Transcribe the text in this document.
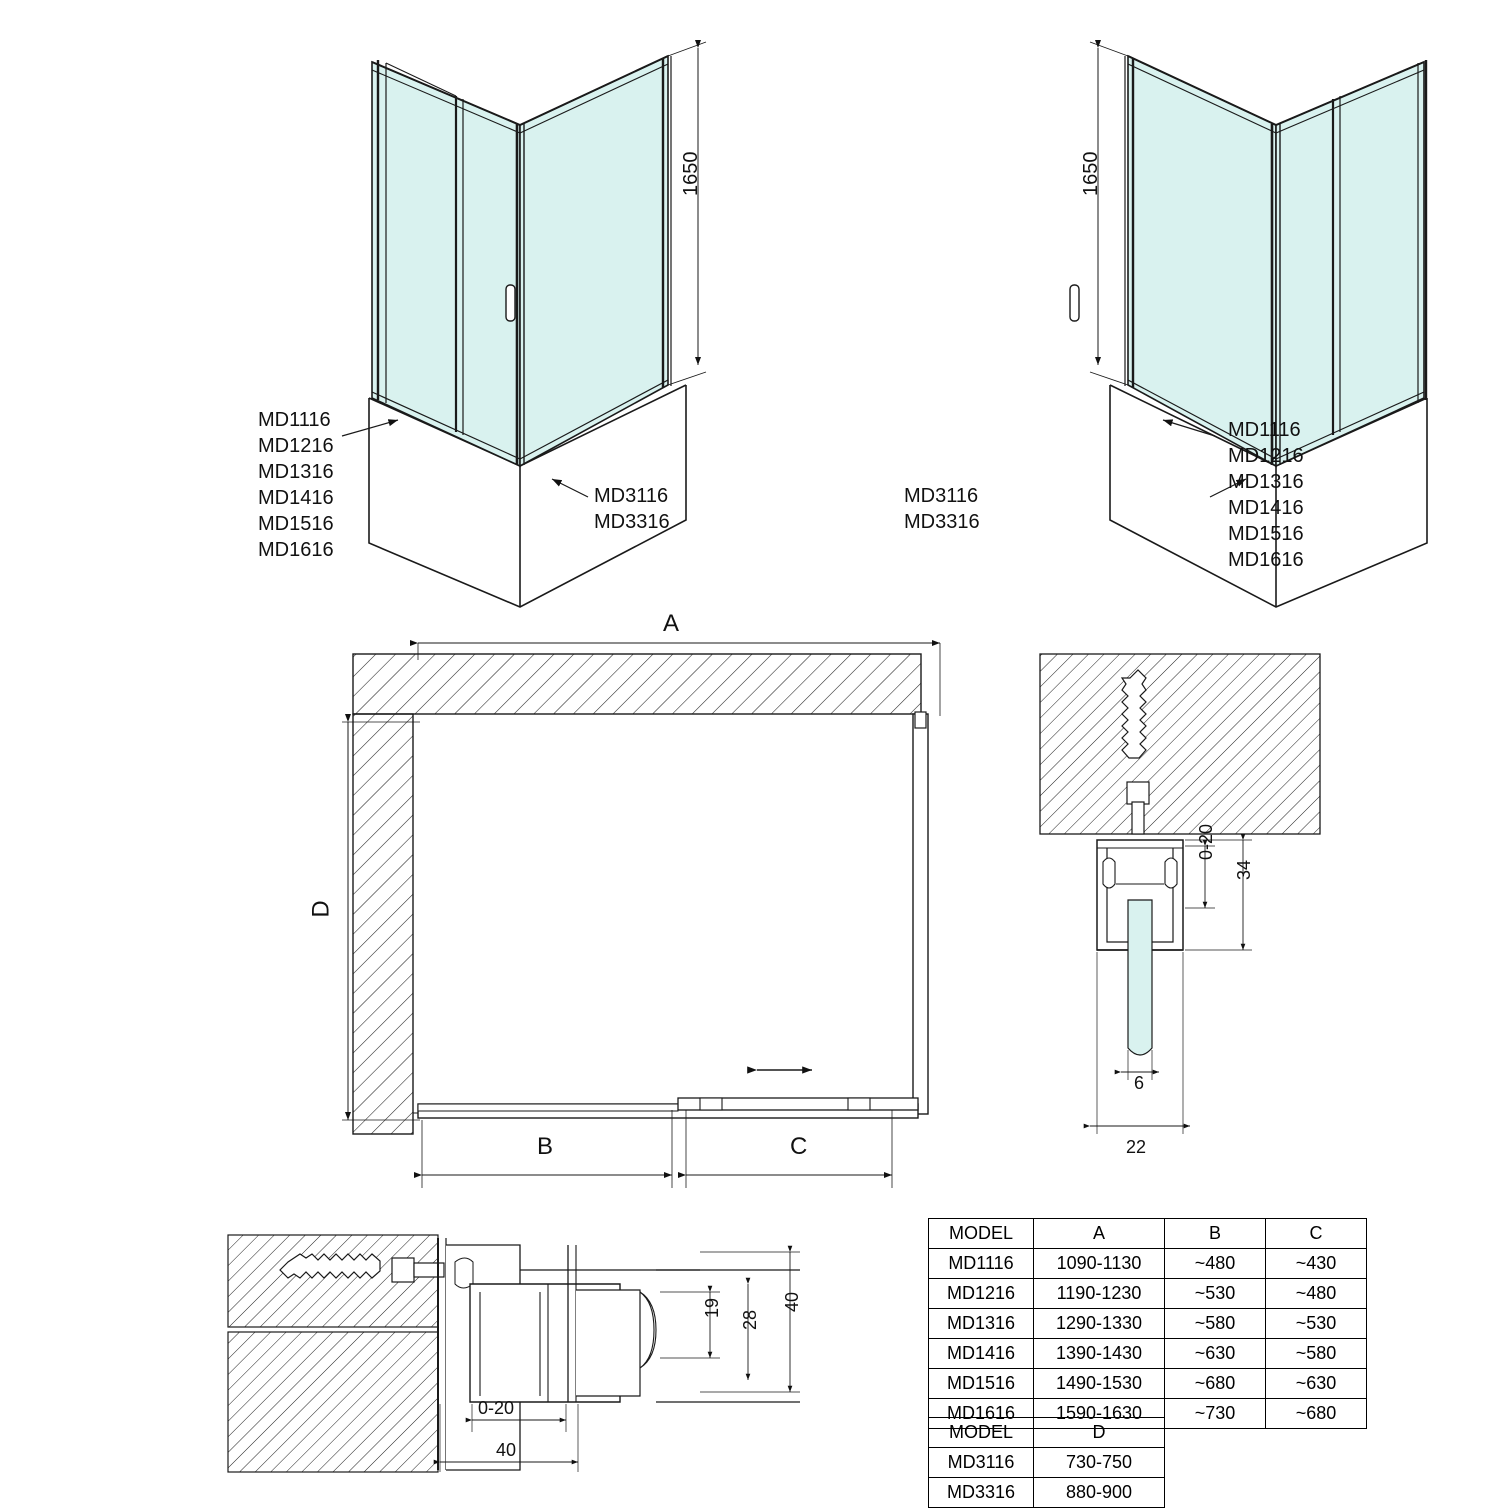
1650	1650
MD1116
MD1216
MD1316
MD1416
MD1516
MD1616
MD3116
MD3316
MD3116
MD3316
MD1116
MD1216
MD1316
MD1416
MD1516
MD1616
A
D
B	C
0-20
34
6
22
19
28
40
0-20
40
MODEL	A	B	C
MD1116	1090-1130	~480	~430
MD1216	1190-1230	~530	~480
MD1316	1290-1330	~580	~530
MD1416	1390-1430	~630	~580
MD1516	1490-1530	~680	~630
MD1616	1590-1630	~730	~680
MODEL	D
MD3116	730-750
MD3316	880-900
